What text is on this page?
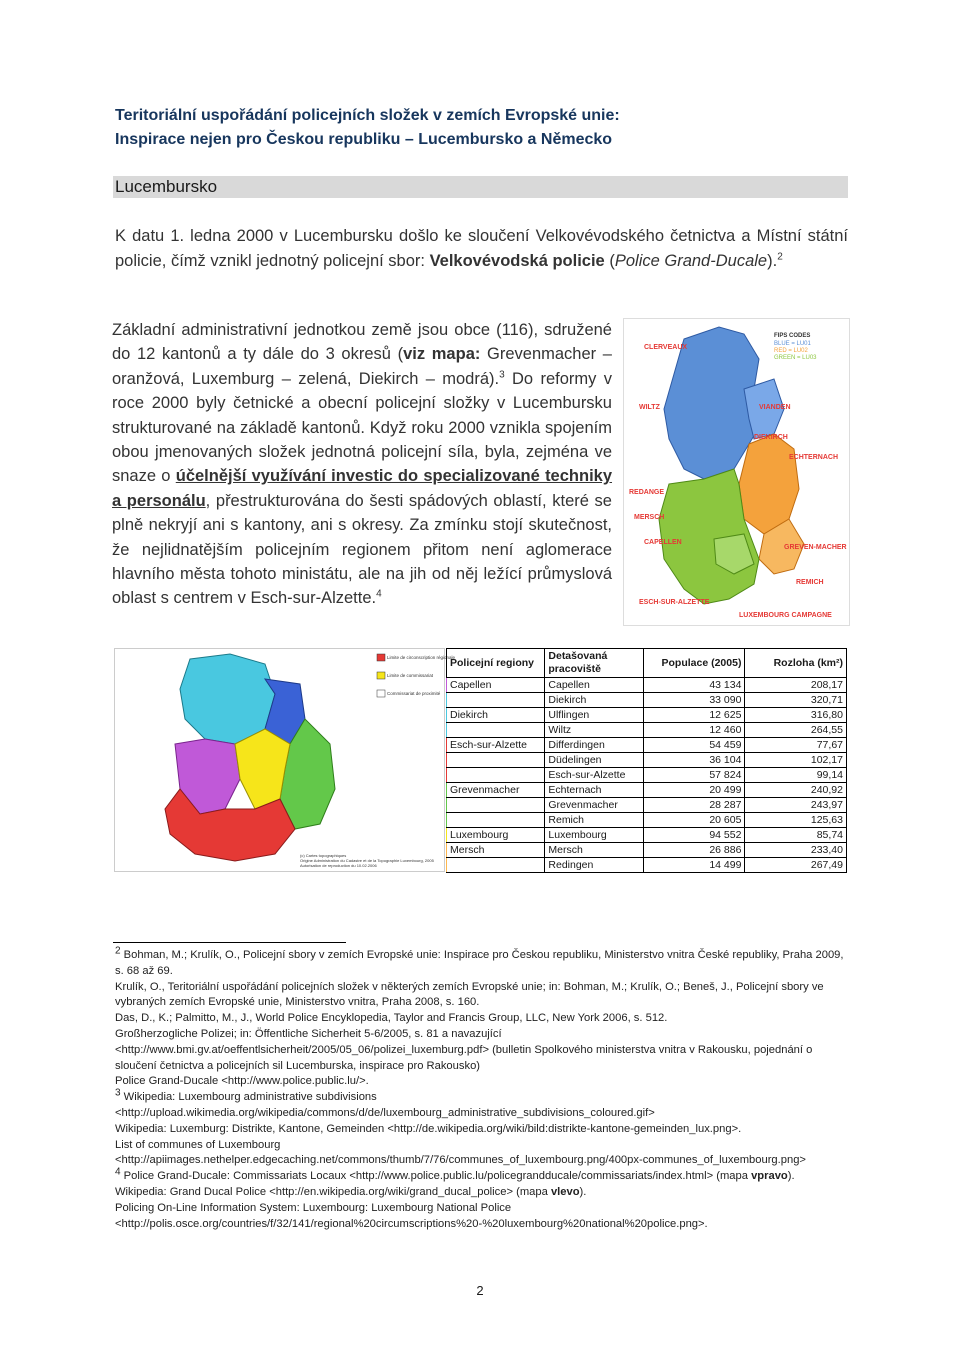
Teritoriální uspořádání policejních složek v zemích Evropské unie:
Inspirace nejen pro Českou republiku – Lucembursko a Německo
Lucembursko
K datu 1. ledna 2000 v Lucembursku došlo ke sloučení Velkovévodského četnictva a Místní státní policie, čímž vznikl jednotný policejní sbor: Velkovévodská policie (Police Grand-Ducale).$^2$
Základní administrativní jednotkou země jsou obce (116), sdružené do 12 kantonů a ty dále do 3 okresů (viz mapa: Grevenmacher – oranžová, Luxemburg – zelená, Diekirch – modrá).$^3$ Do reformy v roce 2000 byly četnické a obecní policejní složky v Lucembursku strukturované na základě kantonů. Když roku 2000 vznikla spojením obou jmenovaných složek jednotná policejní síla, byla, zejména ve snaze o účelnější využívání investic do specializované techniky a personálu, přestrukturována do šesti spádových oblastí, které se plně nekryjí ani s kantony, ani s okresy. Za zmínku stojí skutečnost, že nejlidnatějším policejním regionem přitom není aglomerace hlavního města tohoto ministátu, ale na jih od něj ležící průmyslová oblast s centrem v Esch-sur-Alzette.$^4$
CLERVEAUX
WILTZ	VIANDEN
DIEKIRCH
REDANGE
MERSCH
ECHTERNACH
CAPELLEN
GREVEN-MACHER
REMICH
ESCH-SUR-ALZETTE
LUXEMBOURG CAMPAGNE
FIPS CODES
BLUE = LU01
RED = LU02
GREEN = LU03
Limite de circonscription régionale
Limite de commissariat
Commissariat de proximité
(c) Cartes topographiques
Origine Administration du Cadastre et de la Topographie Luxembourg, 2005
Autorisation de reproduction du 10.02.2006
Policejní regiony	Detašovaná pracoviště	Populace (2005)	Rozloha (km²)
Capellen	Capellen	43 134	208,17
	Diekirch	33 090	320,71
Diekirch	Ulflingen	12 625	316,80
	Wiltz	12 460	264,55
Esch-sur-Alzette	Differdingen	54 459	77,67
	Düdelingen	36 104	102,17
	Esch-sur-Alzette	57 824	99,14
Grevenmacher	Echternach	20 499	240,92
	Grevenmacher	28 287	243,97
	Remich	20 605	125,63
Luxembourg	Luxembourg	94 552	85,74
Mersch	Mersch	26 886	233,40
	Redingen	14 499	267,49

$^2$ Bohman, M.; Krulík, O., Policejní sbory v zemích Evropské unie: Inspirace pro Českou republiku, Ministerstvo vnitra České republiky, Praha 2009, s. 68 až 69.

Krulík, O., Teritoriální uspořádání policejních složek v některých zemích Evropské unie; in: Bohman, M.; Krulík, O.; Beneš, J., Policejní sbory ve vybraných zemích Evropské unie, Ministerstvo vnitra, Praha 2008, s. 160.

Das, D., K.; Palmitto, M., J., World Police Encyklopedia, Taylor and Francis Group, LLC, New York 2006, s. 512.

Großherzogliche Polizei; in: Öffentliche Sicherheit 5-6/2005, s. 81 a navazující

<http://www.bmi.gv.at/oeffentlsicherheit/2005/05_06/polizei_luxemburg.pdf> (bulletin Spolkového ministerstva vnitra v Rakousku, pojednání o sloučení četnictva a policejních sil Lucemburska, inspirace pro Rakousko)

Police Grand-Ducale <http://www.police.public.lu/>.

$^3$ Wikipedia: Luxembourg administrative subdivisions

<http://upload.wikimedia.org/wikipedia/commons/d/de/luxembourg_administrative_subdivisions_coloured.gif>

Wikipedia: Luxemburg: Distrikte, Kantone, Gemeinden <http://de.wikipedia.org/wiki/bild:distrikte-kantone-gemeinden_lux.png>.

List of communes of Luxembourg

<http://apiimages.nethelper.edgecaching.net/commons/thumb/7/76/communes_of_luxembourg.png/400px-communes_of_luxembourg.png>

$^4$ Police Grand-Ducale: Commissariats Locaux <http://www.police.public.lu/policegrandducale/commissariats/index.html> (mapa vpravo).

Wikipedia: Grand Ducal Police <http://en.wikipedia.org/wiki/grand_ducal_police> (mapa vlevo).

Policing On-Line Information System: Luxembourg: Luxembourg National Police

<http://polis.osce.org/countries/f/32/141/regional%20circumscriptions%20-%20luxembourg%20national%20police.png>.

2
